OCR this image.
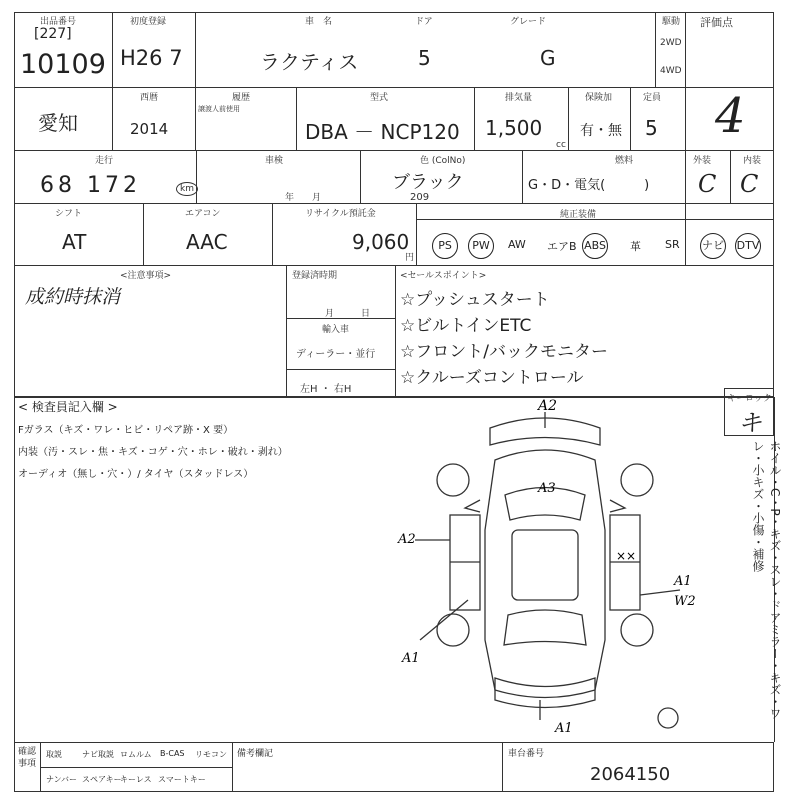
出品番号
[227]
10109
初度登録
H26 7
車　名
ラクティス
ドア
5
グレード
G
駆動
2WD
4WD
評価点
4
愛知
西暦
2014
履歴
譲渡人前使用
型式
DBA － NCP120
排気量
1,500
cc
保険加
有・無
定員
5
走行
68 172	km
車検
年　　月
色 (ColNo)
ブラック
209
燃料
G・D・電気(　　　)
外装
C
内装
C
シフト
AT
エアコン
AAC
リサイクル預託金
9,060
円
純正装備
PS	PW	AW エアB ABS 革 SR ナビ DTV
<注意事項>
成約時抹消
登録済時期
月　　　日
輸入車
ディーラー・並行
左H ・ 右H
<セールスポイント>
☆プッシュスタート
☆ビルトインETC
☆フロント/バックモニター
☆クルーズコントロール
< 検査員記入欄 >
Fガラス（キズ・ワレ・ヒビ・リペア跡・X 要）
内装（汚・スレ・焦・キズ・コゲ・穴・ホレ・破れ・剥れ）
オーディオ（無し・穴・）/ タイヤ（スタッドレス）
キーロック
キ
ホイル・C・P・キズ・スレ・ドアミラー・キズ・ワレ・小キズ・小傷・補修
A2
A3
A2
××
A1
W2
A1
A1
確認事項
取説	ナビ取説 ロムルム B-CAS リモコン
ナンバー スペアキー
キーレス スマートキー
備考欄記	車台番号
2064150
